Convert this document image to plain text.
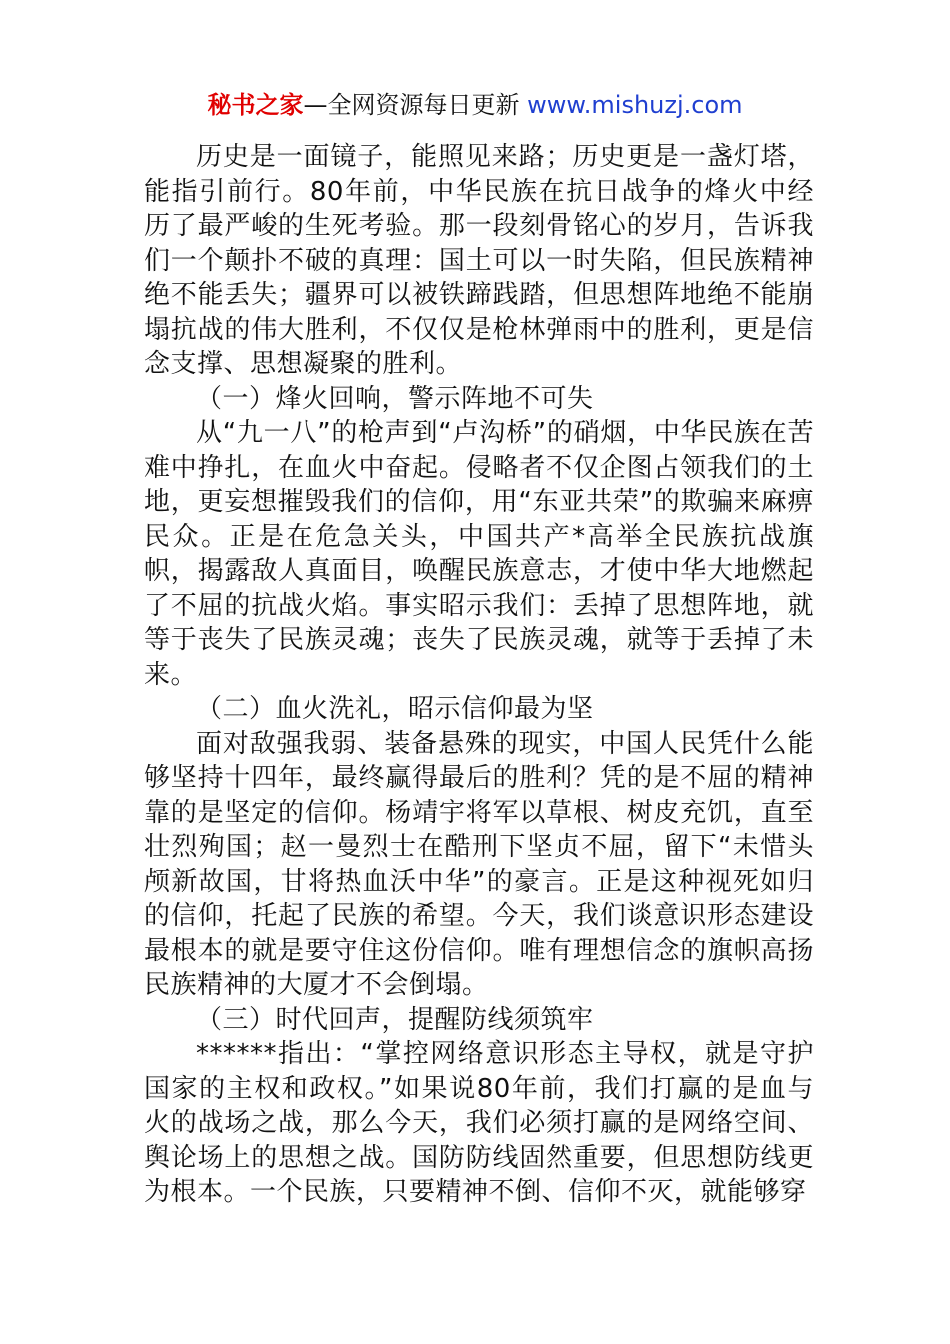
秘书之家—全网资源每日更新 www.mishuzj.com

历史是一面镜子，能照见来路；历史更是一盏灯塔，能指引前行。80年前，中华民族在抗日战争的烽火中经历了最严峻的生死考验。那一段刻骨铭心的岁月，告诉我们一个颠扑不破的真理：国土可以一时失陷，但民族精神绝不能丢失；疆界可以被铁蹄践踏，但思想阵地绝不能崩塌抗战的伟大胜利，不仅仅是枪林弹雨中的胜利，更是信念支撑、思想凝聚的胜利。

（一）烽火回响，警示阵地不可失

从“九一八”的枪声到“卢沟桥”的硝烟，中华民族在苦难中挣扎，在血火中奋起。侵略者不仅企图占领我们的土地，更妄想摧毁我们的信仰，用“东亚共荣”的欺骗来麻痹民众。正是在危急关头，中国共产*高举全民族抗战旗帜，揭露敌人真面目，唤醒民族意志，才使中华大地燃起了不屈的抗战火焰。事实昭示我们：丢掉了思想阵地，就等于丧失了民族灵魂；丧失了民族灵魂，就等于丢掉了未来。

（二）血火洗礼，昭示信仰最为坚

面对敌强我弱、装备悬殊的现实，中国人民凭什么能够坚持十四年，最终赢得最后的胜利？凭的是不屈的精神靠的是坚定的信仰。杨靖宇将军以草根、树皮充饥，直至壮烈殉国；赵一曼烈士在酷刑下坚贞不屈，留下“未惜头颅新故国，甘将热血沃中华”的豪言。正是这种视死如归的信仰，托起了民族的希望。今天，我们谈意识形态建设最根本的就是要守住这份信仰。唯有理想信念的旗帜高扬民族精神的大厦才不会倒塌。

（三）时代回声，提醒防线须筑牢

******指出：“掌控网络意识形态主导权，就是守护国家的主权和政权。”如果说80年前，我们打赢的是血与火的战场之战，那么今天，我们必须打赢的是网络空间、舆论场上的思想之战。国防防线固然重要，但思想防线更为根本。一个民族，只要精神不倒、信仰不灭，就能够穿
